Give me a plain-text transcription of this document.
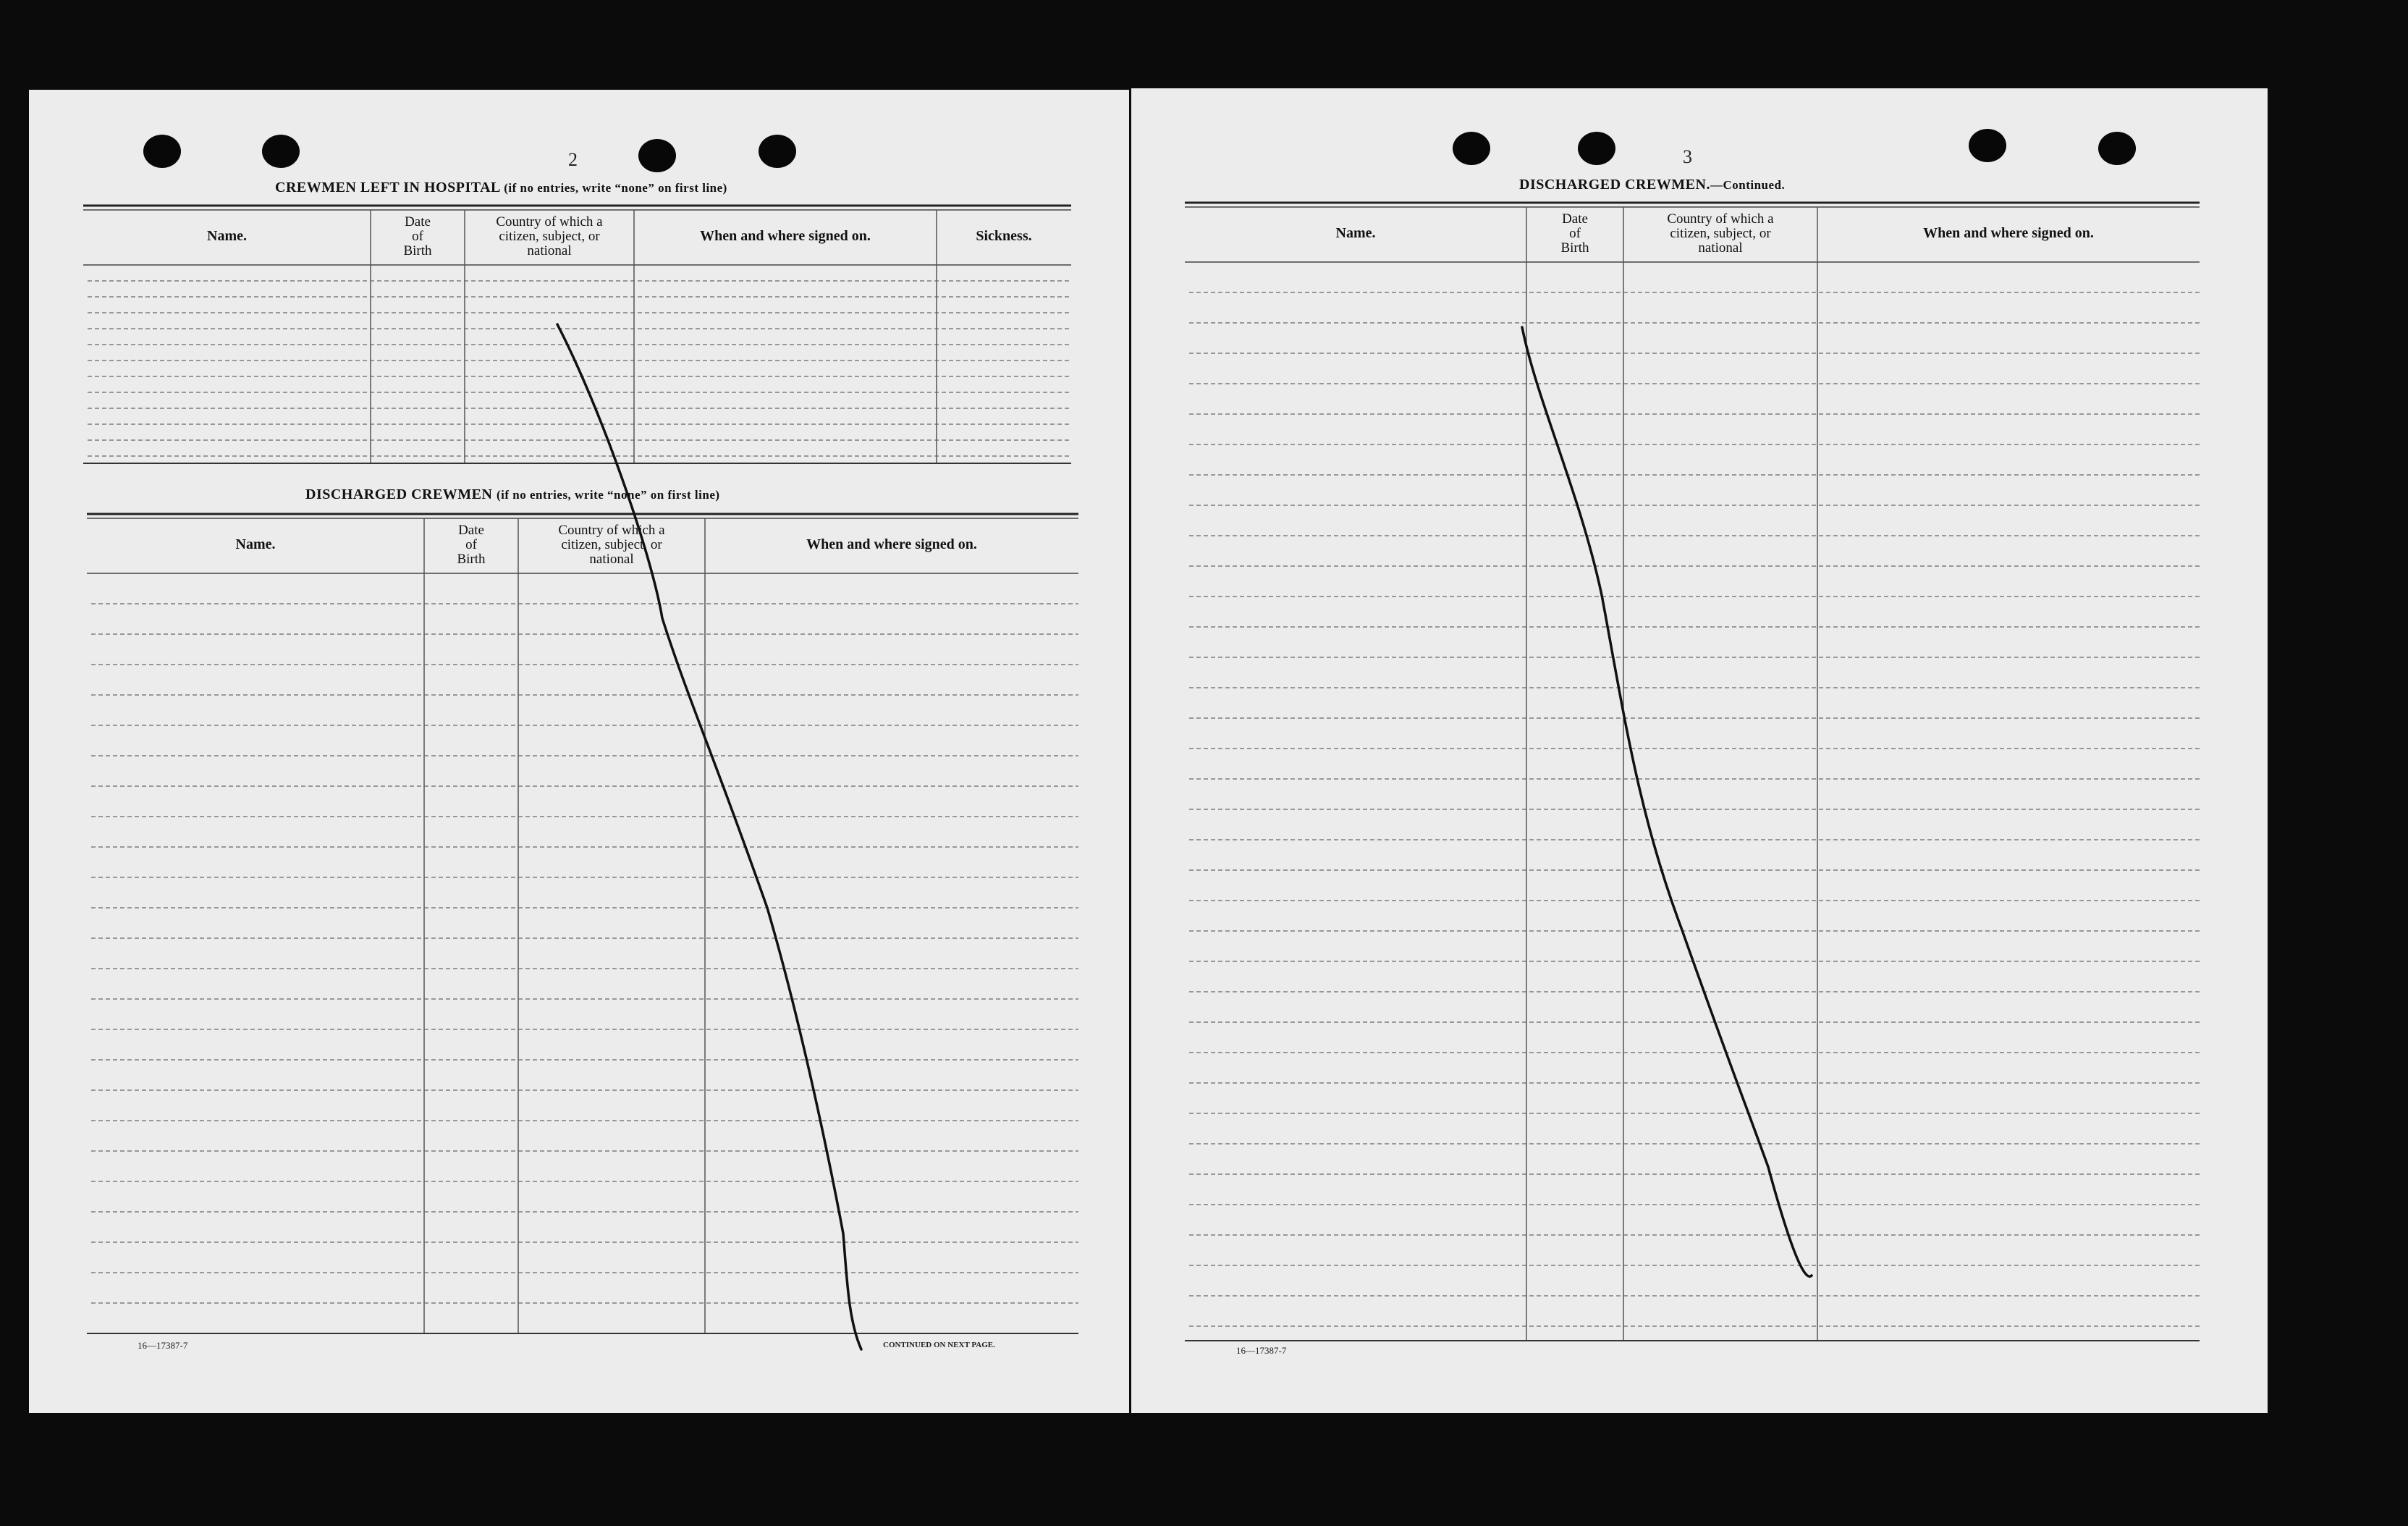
2
CREWMEN LEFT IN HOSPITAL (if no entries, write “none” on first line)
DISCHARGED CREWMEN (if no entries, write “none” on first line)
Name.
Date of Birth
Country of which a citizen, subject, or national
When and where signed on.	Sickness.
Name.
Date of Birth
Country of which a citizen, subject, or national
When and where signed on.
16—17387-7	CONTINUED ON NEXT PAGE.
3
DISCHARGED CREWMEN.—Continued.
Name.
Date of Birth
Country of which a citizen, subject, or national
When and where signed on.
16—17387-7
